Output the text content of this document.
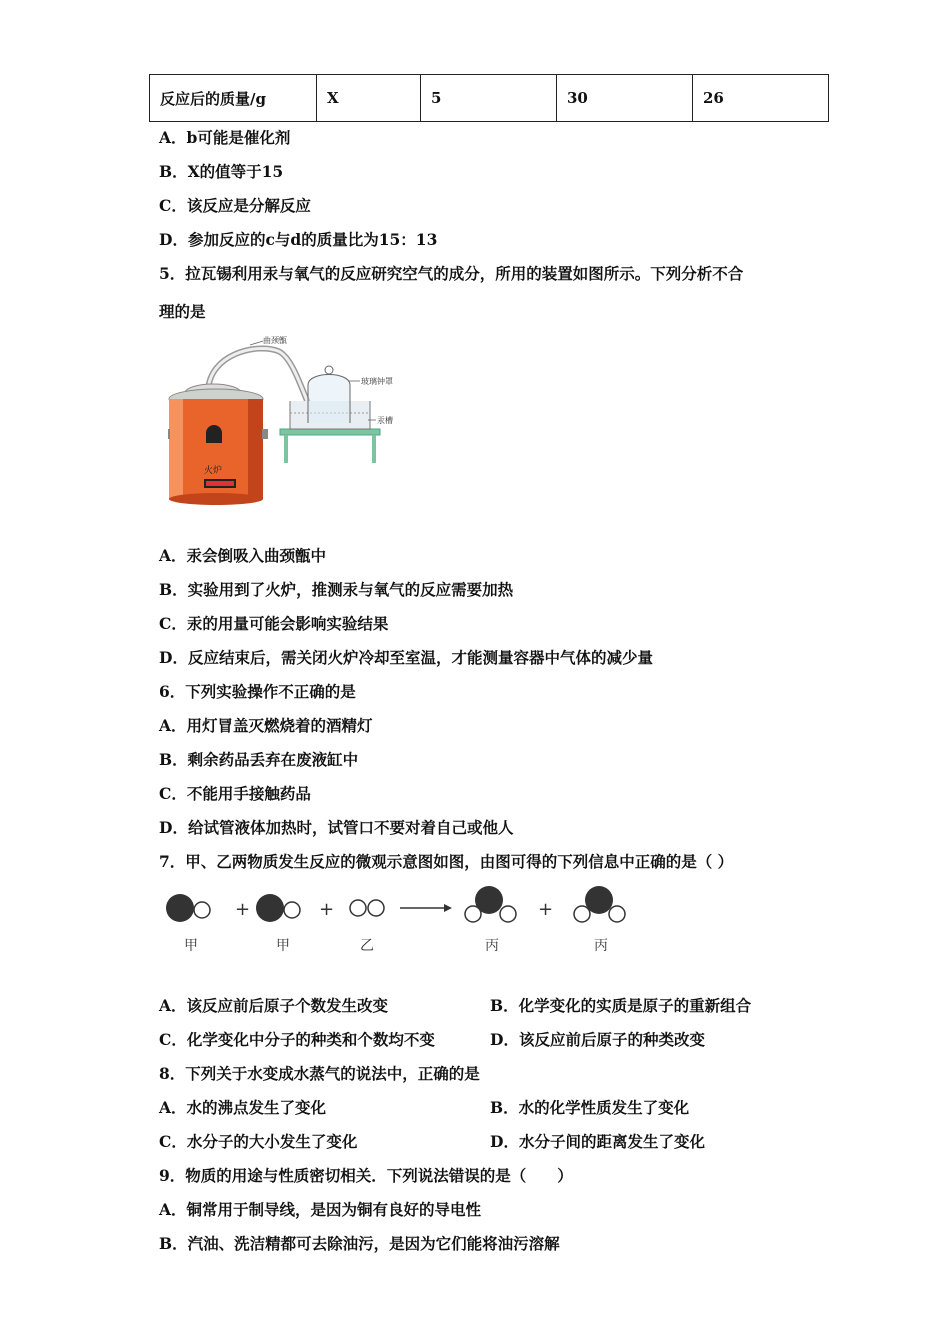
反应后的质量/g	X	5	30	26
A．b可能是催化剂
B．X的值等于15
C．该反应是分解反应
D．参加反应的c与d的质量比为15：13
5．拉瓦锡利用汞与氧气的反应研究空气的成分，所用的装置如图所示。下列分析不合
理的是
火炉
曲颈甑
玻璃钟罩
汞槽
A．汞会倒吸入曲颈甑中
B．实验用到了火炉，推测汞与氧气的反应需要加热
C．汞的用量可能会影响实验结果
D．反应结束后，需关闭火炉冷却至室温，才能测量容器中气体的减少量
6．下列实验操作不正确的是
A．用灯冒盖灭燃烧着的酒精灯
B．剩余药品丢弃在废液缸中
C．不能用手接触药品
D．给试管液体加热时，试管口不要对着自己或他人
7．甲、乙两物质发生反应的微观示意图如图，由图可得的下列信息中正确的是（ ）
+	+	+
甲	甲	乙	丙	丙
A．该反应前后原子个数发生改变	B．化学变化的实质是原子的重新组合
C．化学变化中分子的种类和个数均不变	D．该反应前后原子的种类改变
8．下列关于水变成水蒸气的说法中，正确的是
A．水的沸点发生了变化	B．水的化学性质发生了变化
C．水分子的大小发生了变化	D．水分子间的距离发生了变化
9．物质的用途与性质密切相关．下列说法错误的是（　　）
A．铜常用于制导线，是因为铜有良好的导电性
B．汽油、洗洁精都可去除油污，是因为它们能将油污溶解
